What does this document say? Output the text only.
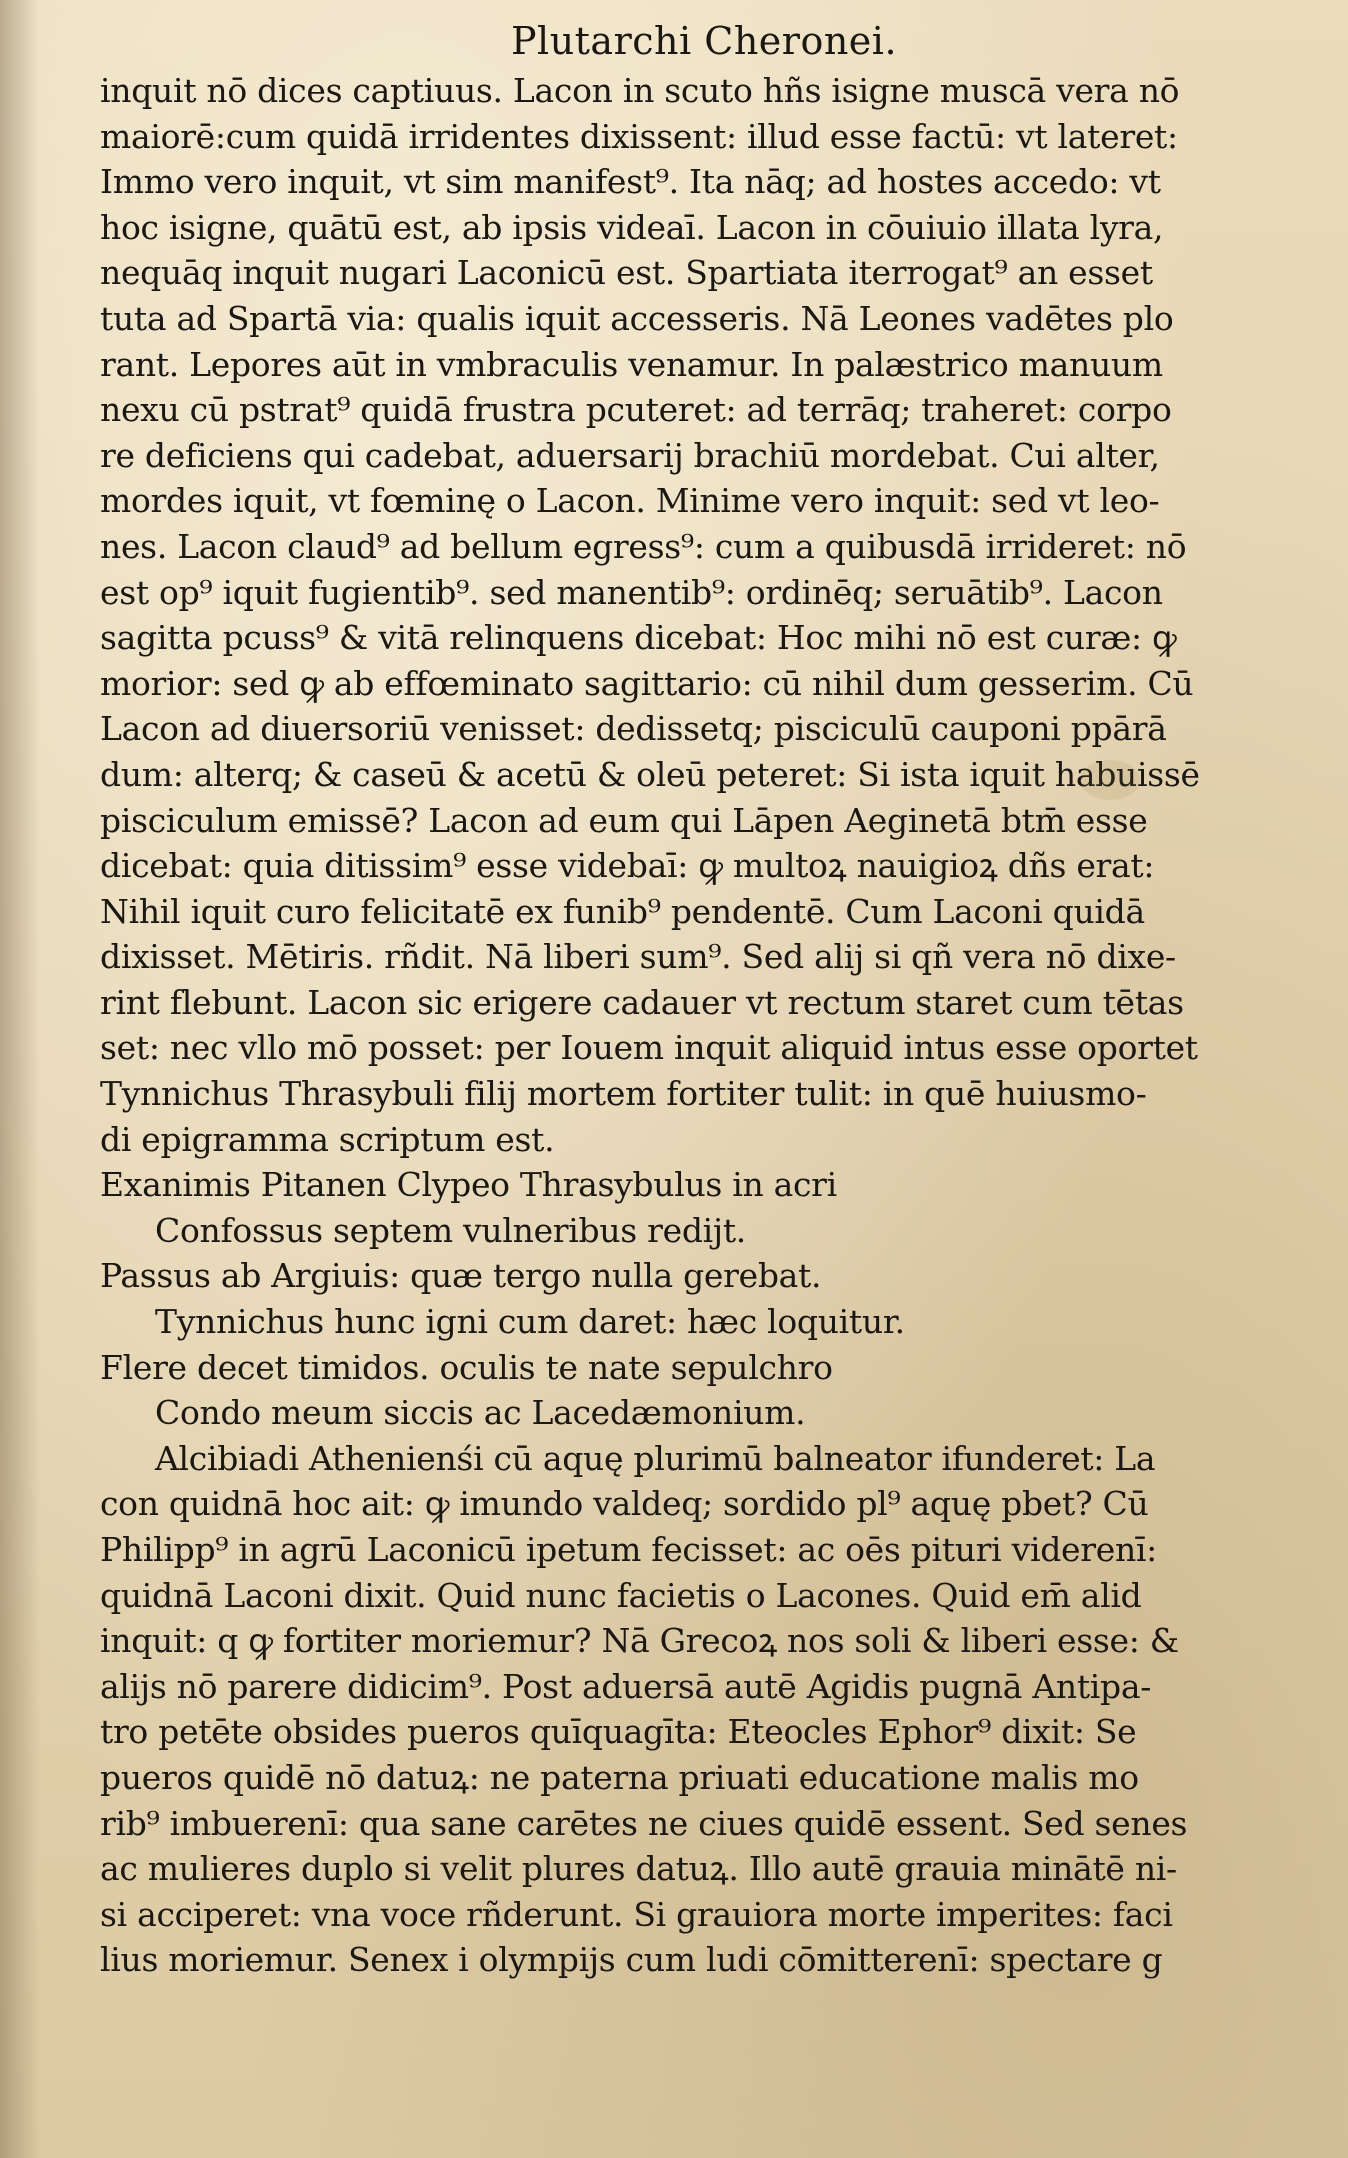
Plutarchi Cheronei.
inquit nō dices captiuus. Lacon in scuto hñs isigne muscā vera nō
maiorē:cum quidā irridentes dixissent: illud esse factū: vt lateret:
Immo vero inquit, vt sim manifest⁹. Ita nāq; ad hostes accedo: vt
hoc isigne, quātū est, ab ipsis videaī. Lacon in cōuiuio illata lyra,
nequāq inquit nugari Laconicū est. Spartiata iterrogat⁹ an esset
tuta ad Spartā via: qualis iquit accesseris. Nā Leones vadētes plo
rant. Lepores aūt in vmbraculis venamur. In palæstrico manuum
nexu cū pstrat⁹ quidā frustra pcuteret: ad terrāq; traheret: corpo
re deficiens qui cadebat, aduersarij brachiū mordebat. Cui alter,
mordes iquit, vt fœminę o Lacon. Minime vero inquit: sed vt leo-
nes. Lacon claud⁹ ad bellum egress⁹: cum a quibusdā irrideret: nō
est op⁹ iquit fugientib⁹. sed manentib⁹: ordinēq; seruātib⁹. Lacon
sagitta pcuss⁹ & vitā relinquens dicebat: Hoc mihi nō est curæ: ꝙ
morior: sed ꝙ ab effœminato sagittario: cū nihil dum gesserim. Cū
Lacon ad diuersoriū venisset: dedissetq; pisciculū cauponi ppārā
dum: alterq; & caseū & acetū & oleū peteret: Si ista iquit habuissē
pisciculum emissē? Lacon ad eum qui Lāpen Aeginetā btm̄ esse
dicebat: quia ditissim⁹ esse videbaī: ꝙ multoꝝ nauigioꝝ dñs erat:
Nihil iquit curo felicitatē ex funib⁹ pendentē. Cum Laconi quidā
dixisset. Mētiris. rñdit. Nā liberi sum⁹. Sed alij si qñ vera nō dixe-
rint flebunt. Lacon sic erigere cadauer vt rectum staret cum tētas
set: nec vllo mō posset: per Iouem inquit aliquid intus esse oportet
Tynnichus Thrasybuli filij mortem fortiter tulit: in quē huiusmo-
di epigramma scriptum est.
Exanimis Pitanen Clypeo Thrasybulus in acri
Confossus septem vulneribus redijt.
Passus ab Argiuis: quæ tergo nulla gerebat.
Tynnichus hunc igni cum daret: hæc loquitur.
Flere decet timidos. oculis te nate sepulchro
Condo meum siccis ac Lacedæmonium.
Alcibiadi Athenienśi cū aquę plurimū balneator ifunderet: La
con quidnā hoc ait: ꝙ imundo valdeq; sordido pl⁹ aquę pbet? Cū
Philipp⁹ in agrū Laconicū ipetum fecisset: ac oēs pituri viderenī:
quidnā Laconi dixit. Quid nunc facietis o Lacones. Quid em̄ alid
inquit: q ꝙ fortiter moriemur? Nā Grecoꝝ nos soli & liberi esse: &
alijs nō parere didicim⁹. Post aduersā autē Agidis pugnā Antipa-
tro petēte obsides pueros quīquagīta: Eteocles Ephor⁹ dixit: Se
pueros quidē nō datuꝝ: ne paterna priuati educatione malis mo
rib⁹ imbuerenī: qua sane carētes ne ciues quidē essent. Sed senes
ac mulieres duplo si velit plures datuꝝ. Illo autē grauia minātē ni-
si acciperet: vna voce rñderunt. Si grauiora morte imperites: faci
lius moriemur. Senex i olympijs cum ludi cōmitterenī: spectare g
